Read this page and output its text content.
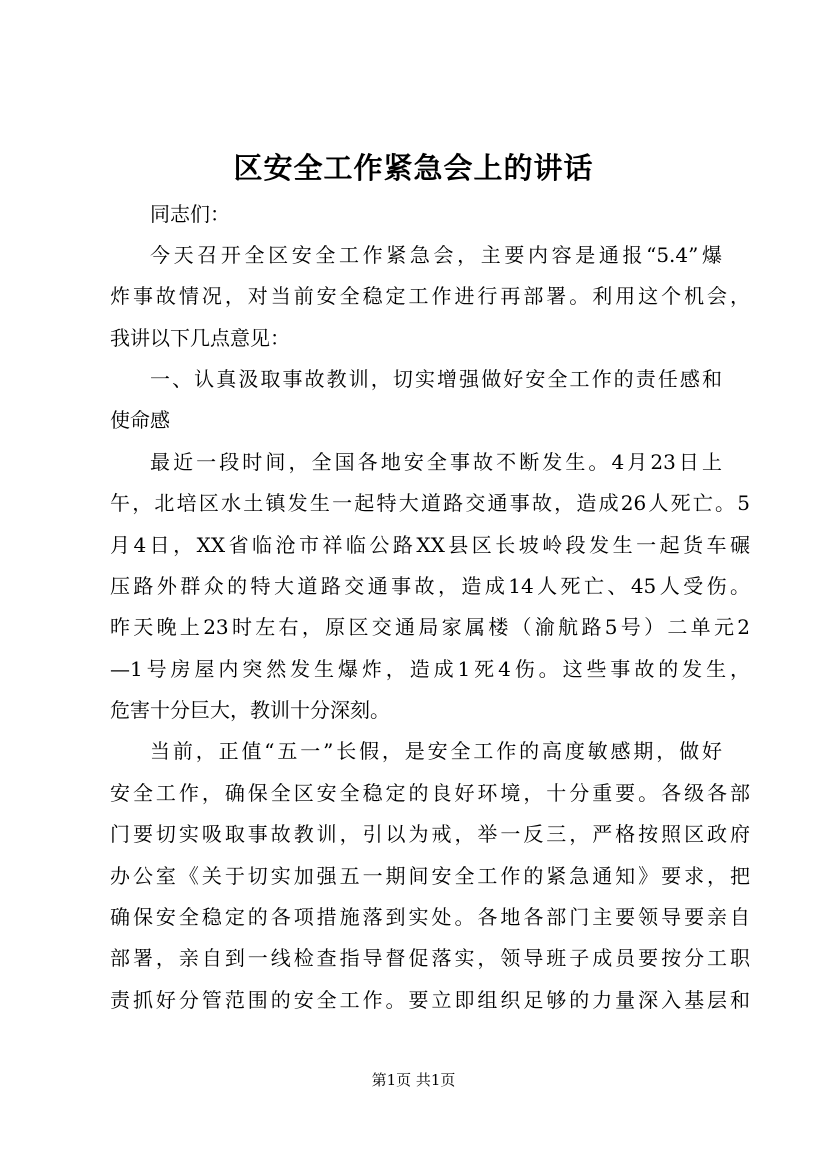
区安全工作紧急会上的讲话
同志们：
今天召开全区安全工作紧急会，主要内容是通报“5.4”爆
炸事故情况，对当前安全稳定工作进行再部署。利用这个机会，
我讲以下几点意见：
一、认真汲取事故教训，切实增强做好安全工作的责任感和
使命感
最近一段时间，全国各地安全事故不断发生。4月23日上
午，北培区水土镇发生一起特大道路交通事故，造成26人死亡。5
月4日，XX省临沧市祥临公路XX县区长坡岭段发生一起货车碾
压路外群众的特大道路交通事故，造成14人死亡、45人受伤。
昨天晚上23时左右，原区交通局家属楼（渝航路5号）二单元2
—1号房屋内突然发生爆炸，造成1死4伤。这些事故的发生，
危害十分巨大，教训十分深刻。
当前，正值“五一”长假，是安全工作的高度敏感期，做好
安全工作，确保全区安全稳定的良好环境，十分重要。各级各部
门要切实吸取事故教训，引以为戒，举一反三，严格按照区政府
办公室《关于切实加强五一期间安全工作的紧急通知》要求，把
确保安全稳定的各项措施落到实处。各地各部门主要领导要亲自
部署，亲自到一线检查指导督促落实，领导班子成员要按分工职
责抓好分管范围的安全工作。要立即组织足够的力量深入基层和
第1页 共1页
